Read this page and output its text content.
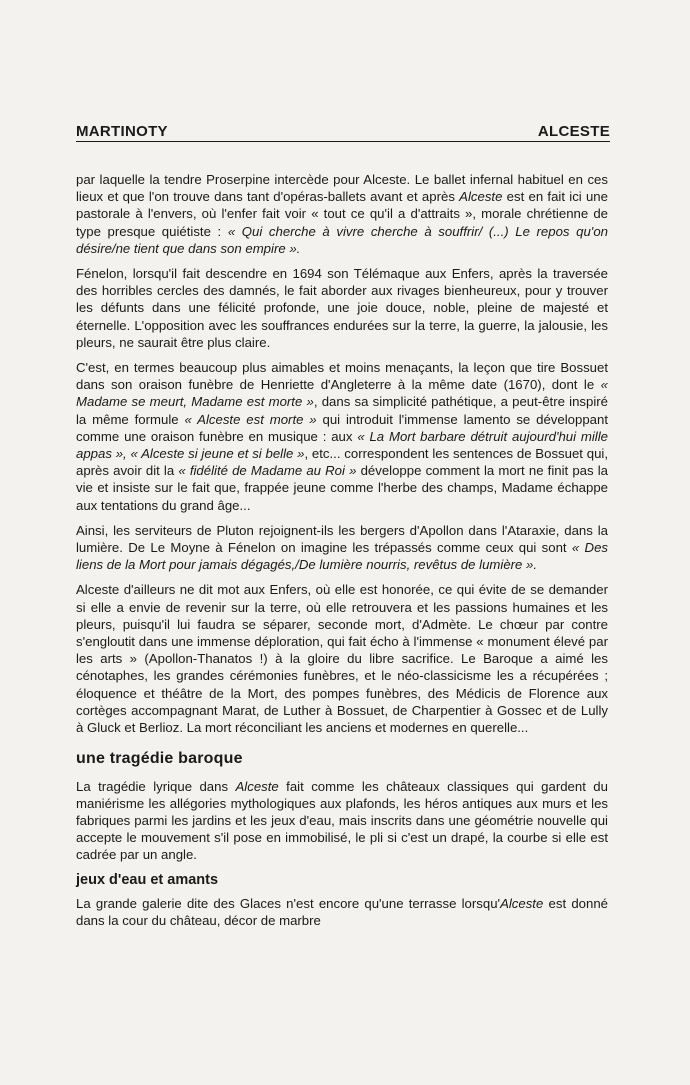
MARTINOTY	ALCESTE

par laquelle la tendre Proserpine intercède pour Alceste. Le ballet infernal habituel en ces lieux et que l'on trouve dans tant d'opéras-ballets avant et après Alceste est en fait ici une pastorale à l'envers, où l'enfer fait voir « tout ce qu'il a d'attraits », morale chrétienne de type presque quiétiste : « Qui cherche à vivre cherche à souffrir/ (...) Le repos qu'on désire/ne tient que dans son empire ».

Fénelon, lorsqu'il fait descendre en 1694 son Télémaque aux Enfers, après la traversée des horribles cercles des damnés, le fait aborder aux rivages bienheureux, pour y trouver les défunts dans une félicité profonde, une joie douce, noble, pleine de majesté et éternelle. L'opposition avec les souffrances endurées sur la terre, la guerre, la jalousie, les pleurs, ne saurait être plus claire.

C'est, en termes beaucoup plus aimables et moins menaçants, la leçon que tire Bossuet dans son oraison funèbre de Henriette d'Angleterre à la même date (1670), dont le « Madame se meurt, Madame est morte », dans sa simplicité pathétique, a peut-être inspiré la même formule « Alceste est morte » qui introduit l'immense lamento se développant comme une oraison funèbre en musique : aux « La Mort barbare détruit aujourd'hui mille appas », « Alceste si jeune et si belle », etc... correspondent les sentences de Bossuet qui, après avoir dit la « fidélité de Madame au Roi » développe comment la mort ne finit pas la vie et insiste sur le fait que, frappée jeune comme l'herbe des champs, Madame échappe aux tentations du grand âge...

Ainsi, les serviteurs de Pluton rejoignent-ils les bergers d'Apollon dans l'Ataraxie, dans la lumière. De Le Moyne à Fénelon on imagine les trépassés comme ceux qui sont « Des liens de la Mort pour jamais dégagés,/De lumière nourris, revêtus de lumière ».

Alceste d'ailleurs ne dit mot aux Enfers, où elle est honorée, ce qui évite de se demander si elle a envie de revenir sur la terre, où elle retrouvera et les passions humaines et les pleurs, puisqu'il lui faudra se séparer, seconde mort, d'Admète. Le chœur par contre s'engloutit dans une immense déploration, qui fait écho à l'immense « monument élevé par les arts » (Apollon-Thanatos !) à la gloire du libre sacrifice. Le Baroque a aimé les cénotaphes, les grandes cérémonies funèbres, et le néo-classicisme les a récupérées ; éloquence et théâtre de la Mort, des pompes funèbres, des Médicis de Florence aux cortèges accompagnant Marat, de Luther à Bossuet, de Charpentier à Gossec et de Lully à Gluck et Berlioz. La mort réconciliant les anciens et modernes en querelle...

une tragédie baroque

La tragédie lyrique dans Alceste fait comme les châteaux classiques qui gardent du maniérisme les allégories mythologiques aux plafonds, les héros antiques aux murs et les fabriques parmi les jardins et les jeux d'eau, mais inscrits dans une géométrie nouvelle qui accepte le mouvement s'il pose en immobilisé, le pli si c'est un drapé, la courbe si elle est cadrée par un angle.

jeux d'eau et amants

La grande galerie dite des Glaces n'est encore qu'une terrasse lorsqu'Alceste est donné dans la cour du château, décor de marbre
